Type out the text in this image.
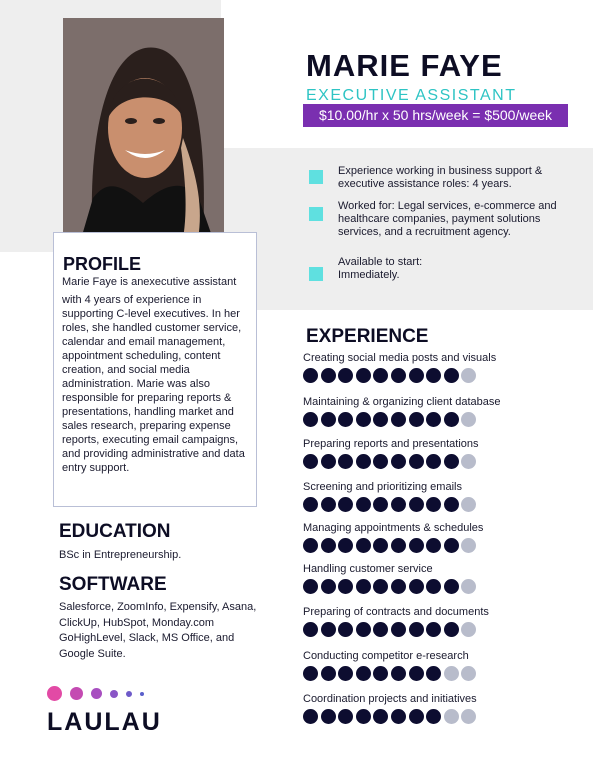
MARIE FAYE
EXECUTIVE ASSISTANT
$10.00/hr x 50 hrs/week = $500/week
Experience working in business support & executive assistance roles: 4 years.
Worked for: Legal services, e-commerce and healthcare companies, payment solutions services, and a recruitment agency.
Available to start: Immediately.
PROFILE
Marie Faye is anexecutive assistant
with 4 years of experience in supporting C-level executives. In her roles, she handled customer service, calendar and email management, appointment scheduling, content creation, and social media administration. Marie was also responsible for preparing reports & presentations, handling market and sales research, preparing expense reports, executing email campaigns, and providing administrative and data entry support.
EDUCATION
BSc in Entrepreneurship.
SOFTWARE
Salesforce, ZoomInfo, Expensify, Asana, ClickUp, HubSpot, Monday.com GoHighLevel, Slack, MS Office, and Google Suite.
EXPERIENCE
Creating social media posts and visuals
Maintaining & organizing client database
Preparing reports and presentations
Screening and prioritizing emails
Managing appointments & schedules
Handling customer service
Preparing of contracts and documents
Conducting competitor e-research
Coordination projects and initiatives
LAULAU
